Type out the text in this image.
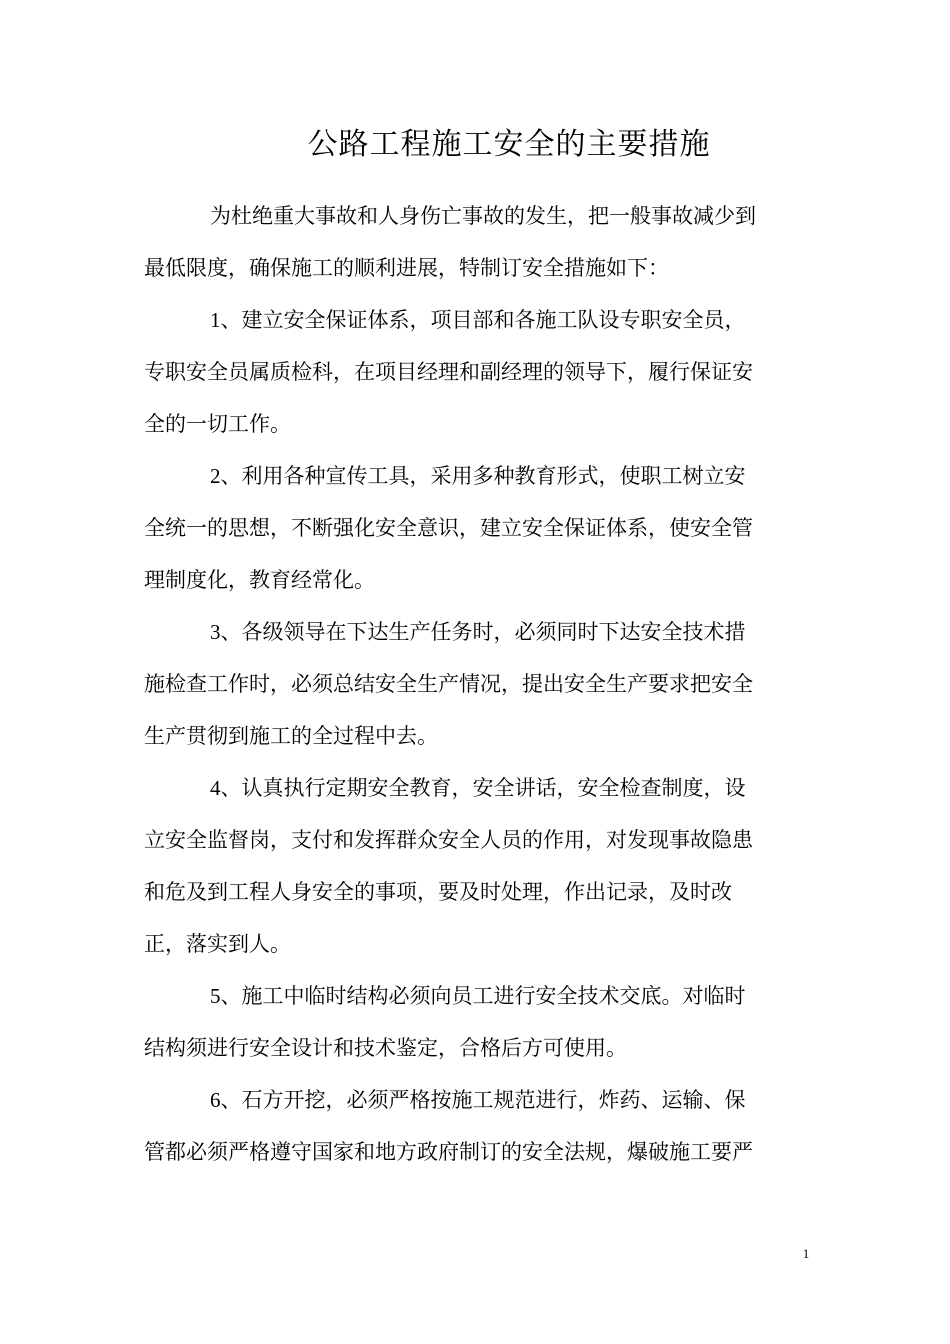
公路工程施工安全的主要措施
为杜绝重大事故和人身伤亡事故的发生，把一般事故减少到
最低限度，确保施工的顺利进展，特制订安全措施如下：
1、建立安全保证体系，项目部和各施工队设专职安全员，
专职安全员属质检科，在项目经理和副经理的领导下，履行保证安
全的一切工作。
2、利用各种宣传工具，采用多种教育形式，使职工树立安
全统一的思想，不断强化安全意识，建立安全保证体系，使安全管
理制度化，教育经常化。
3、各级领导在下达生产任务时，必须同时下达安全技术措
施检查工作时，必须总结安全生产情况，提出安全生产要求把安全
生产贯彻到施工的全过程中去。
4、认真执行定期安全教育，安全讲话，安全检查制度，设
立安全监督岗，支付和发挥群众安全人员的作用，对发现事故隐患
和危及到工程人身安全的事项，要及时处理，作出记录，及时改
正，落实到人。
5、施工中临时结构必须向员工进行安全技术交底。对临时
结构须进行安全设计和技术鉴定，合格后方可使用。
6、石方开挖，必须严格按施工规范进行，炸药、运输、保
管都必须严格遵守国家和地方政府制订的安全法规，爆破施工要严
1
